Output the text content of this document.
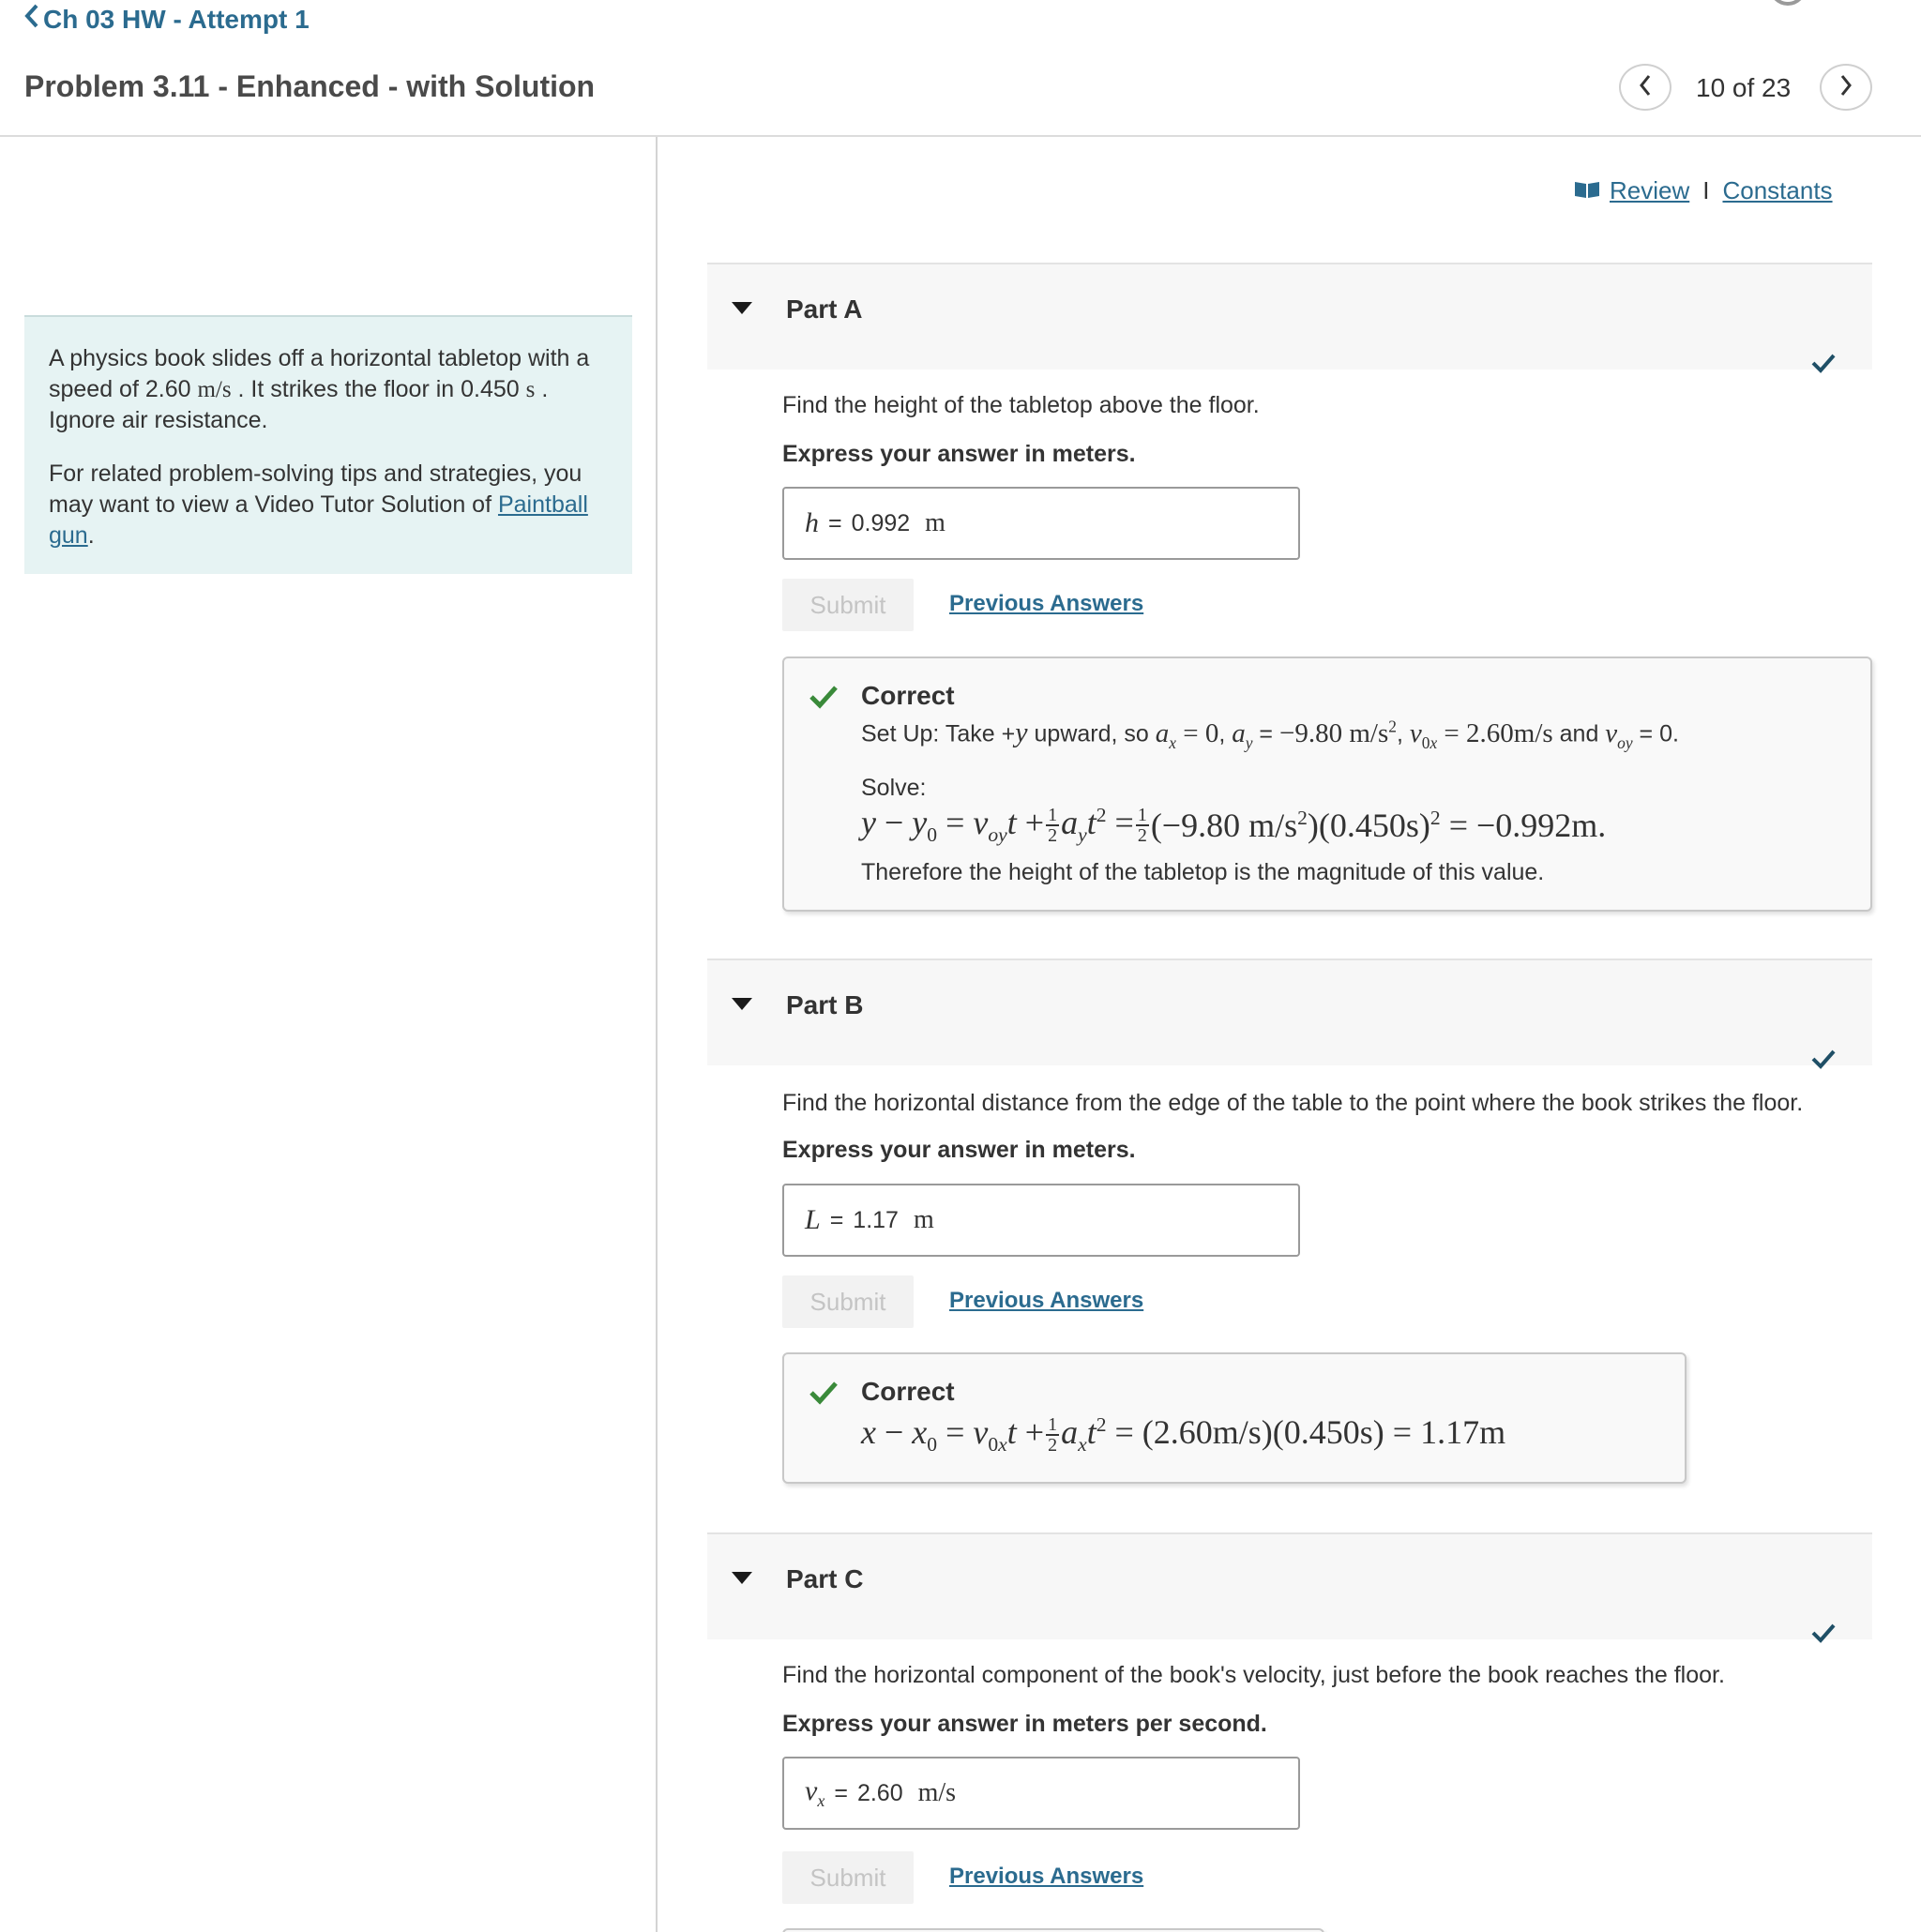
Ch 03 HW - Attempt 1
Problem 3.11 - Enhanced - with Solution	10 of 23

A physics book slides off a horizontal tabletop with a speed of 2.60 m/s . It strikes the floor in 0.450 s . Ignore air resistance.

For related problem-solving tips and strategies, you may want to view a Video Tutor Solution of Paintball gun.

Review I Constants
Part A
Find the height of the tabletop above the floor.
Express your answer in meters.
h = 0.992 m
Submit	Previous Answers
Correct
Set Up: Take +y upward, so $a_x = 0$, $a_y = -9.80$ $m/s^2$, $v_{0x} = 2.60m/s$ and $v_{oy} = 0$.
Solve:
$y - y_0 = v_{oy}t + \frac{1}{2} a_yt^2 = \frac{1}{2} (-9.80$ $m/s^2)(0.450s)^2 = -0.992m$.
Therefore the height of the tabletop is the magnitude of this value.
Part B
Find the horizontal distance from the edge of the table to the point where the book strikes the floor.
Express your answer in meters.
L = 1.17 m
Submit	Previous Answers
Correct
$x - x_0 = v_{0x}t + \frac{1}{2} a_xt^2 = (2.60m/s)(0.450s) = 1.17m$
Part C
Find the horizontal component of the book's velocity, just before the book reaches the floor.
Express your answer in meters per second.
$v_x = 2.60$ m/s
Submit	Previous Answers
